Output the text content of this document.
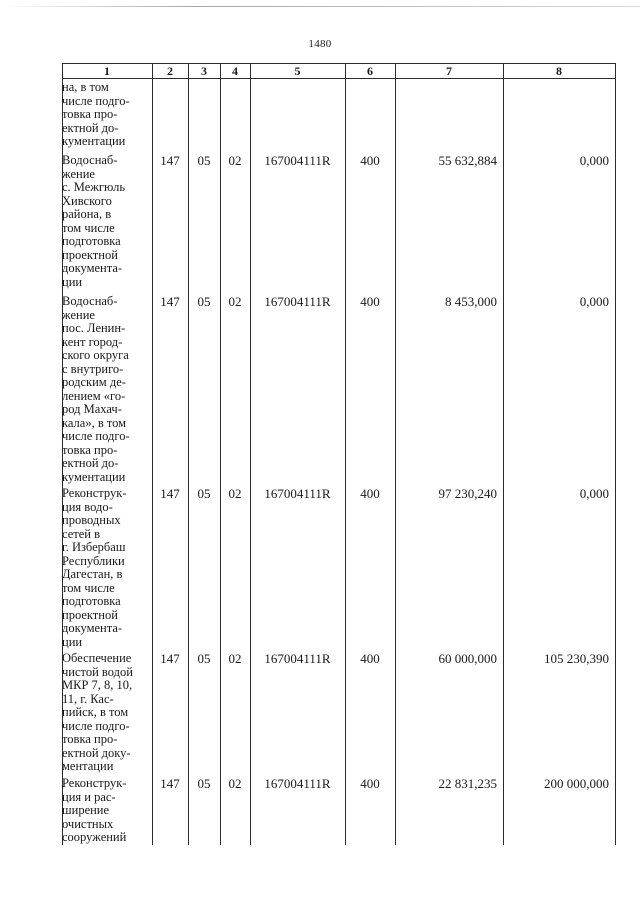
1480
1	2	3	4	5	6	7	8
на, в том
числе подго-
товка про-
ектной до-
кументации
Водоснаб-
жение
с. Межгюль
Хивского
района, в
том числе
подготовка
проектной
документа-
ции
147	05	02	167004111R	400	55 632,884	0,000
Водоснаб-
жение
пос. Ленин-
кент город-
ского округа
с внутриго-
родским де-
лением «го-
род Махач-
кала», в том
числе подго-
товка про-
ектной до-
кументации
147	05	02	167004111R	400	8 453,000	0,000
Реконструк-
ция водо-
проводных
сетей в
г. Избербаш
Республики
Дагестан, в
том числе
подготовка
проектной
документа-
ции
147	05	02	167004111R	400	97 230,240	0,000
Обеспечение
чистой водой
МКР 7, 8, 10,
11, г. Кас-
пийск, в том
числе подго-
товка про-
ектной доку-
ментации
147	05	02	167004111R	400	60 000,000	105 230,390
Реконструк-
ция и рас-
ширение
очистных
сооружений
147	05	02	167004111R	400	22 831,235	200 000,000
